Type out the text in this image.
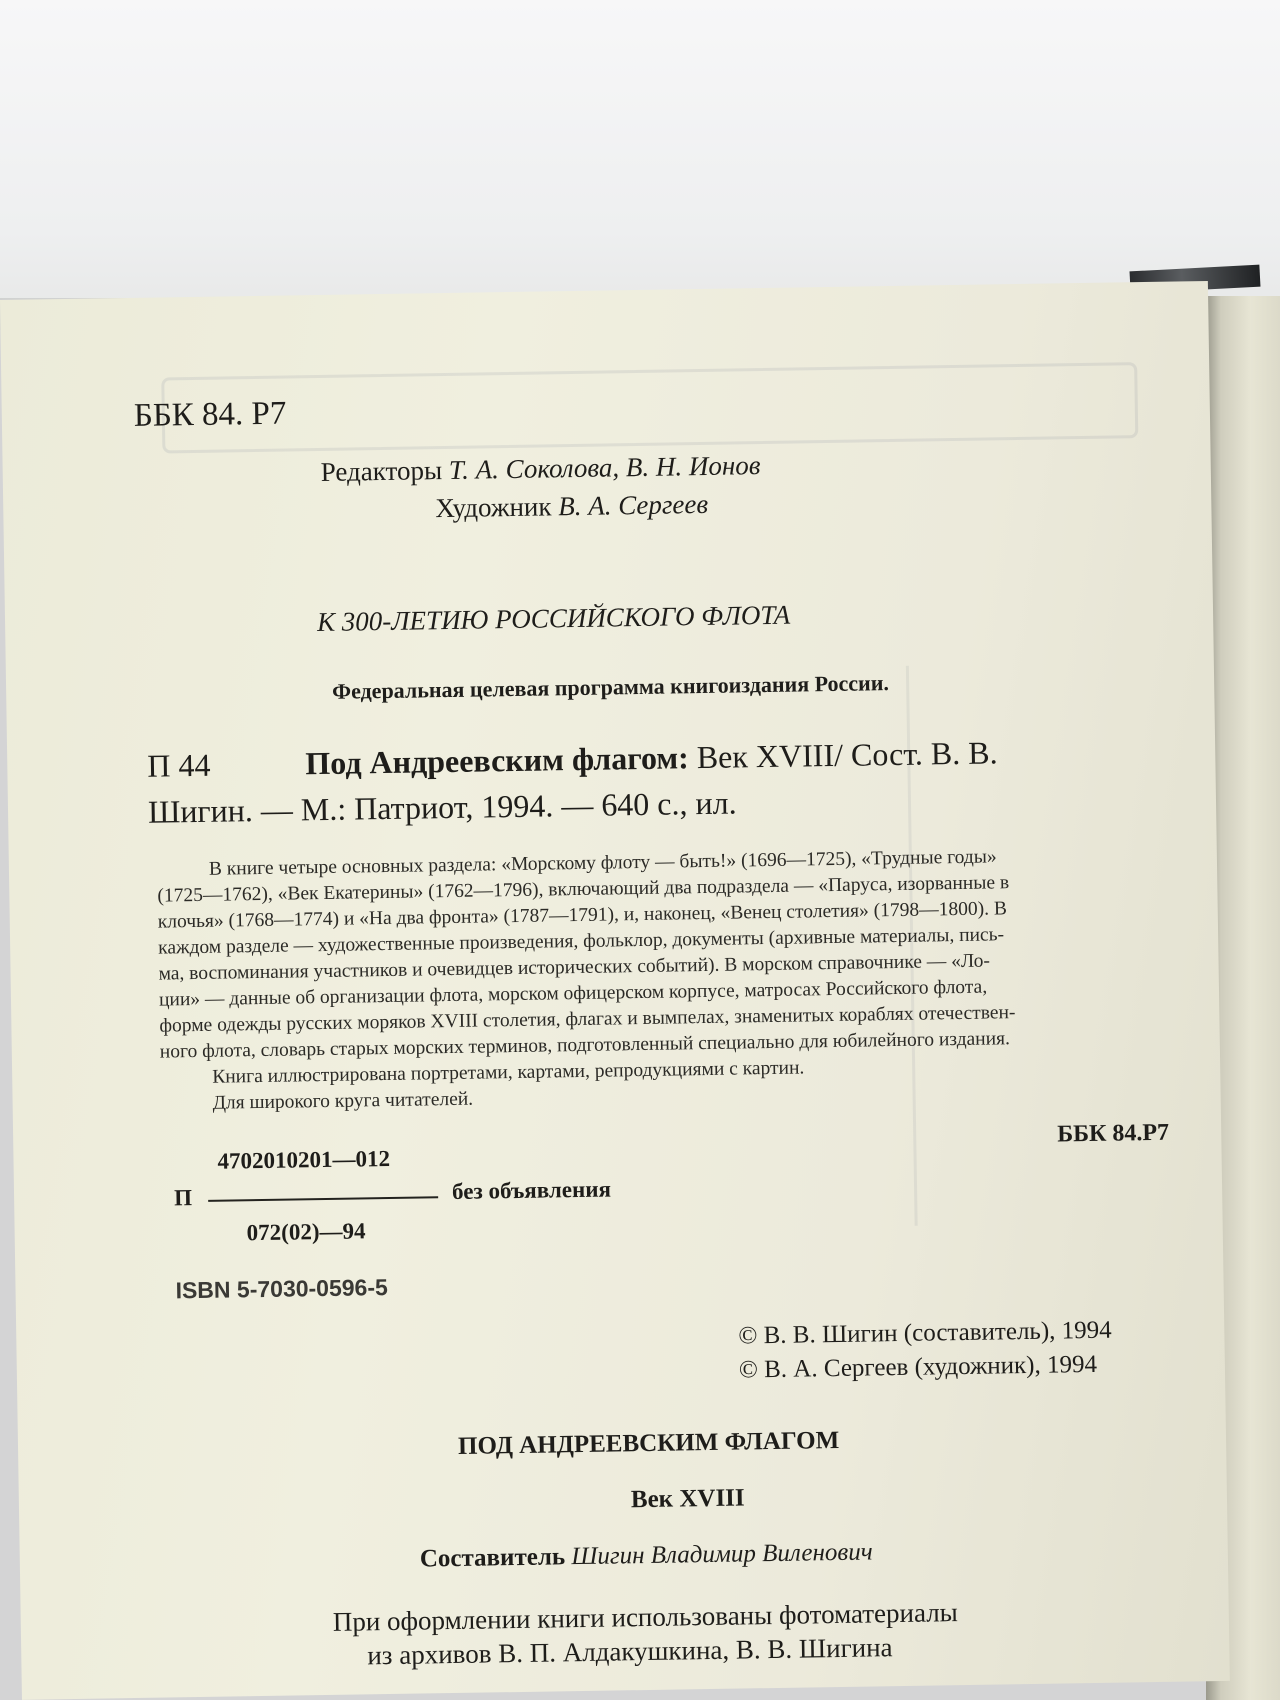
ББК 84. Р7
Редакторы Т. А. Соколова, В. Н. Ионов
Художник В. А. Сергеев
К 300-ЛЕТИЮ РОССИЙСКОГО ФЛОТА
Федеральная целевая программа книгоиздания России.
П 44	Под Андреевским флагом: Век XVIII/ Сост. В. В.
Шигин. — М.: Патриот, 1994. — 640 с., ил.
В книге четыре основных раздела: «Морскому флоту — быть!» (1696—1725), «Трудные годы»
(1725—1762), «Век Екатерины» (1762—1796), включающий два подраздела — «Паруса, изорванные в
клочья» (1768—1774) и «На два фронта» (1787—1791), и, наконец, «Венец столетия» (1798—1800). В
каждом разделе — художественные произведения, фольклор, документы (архивные материалы, пись-
ма, воспоминания участников и очевидцев исторических событий). В морском справочнике — «Ло-
ции» — данные об организации флота, морском офицерском корпусе, матросах Российского флота,
форме одежды русских моряков XVIII столетия, флагах и вымпелах, знаменитых кораблях отечествен-
ного флота, словарь старых морских терминов, подготовленный специально для юбилейного издания.
Книга иллюстрирована портретами, картами, репродукциями с картин.
Для широкого круга читателей.
ББК 84.Р7
4702010201—012
П	без объявления
072(02)—94
ISBN 5-7030-0596-5
© В. В. Шигин (составитель), 1994
© В. А. Сергеев (художник), 1994
ПОД АНДРЕЕВСКИМ ФЛАГОМ
Век XVIII
Составитель Шигин Владимир Виленович
При оформлении книги использованы фотоматериалы
из архивов В. П. Алдакушкина, В. В. Шигина
